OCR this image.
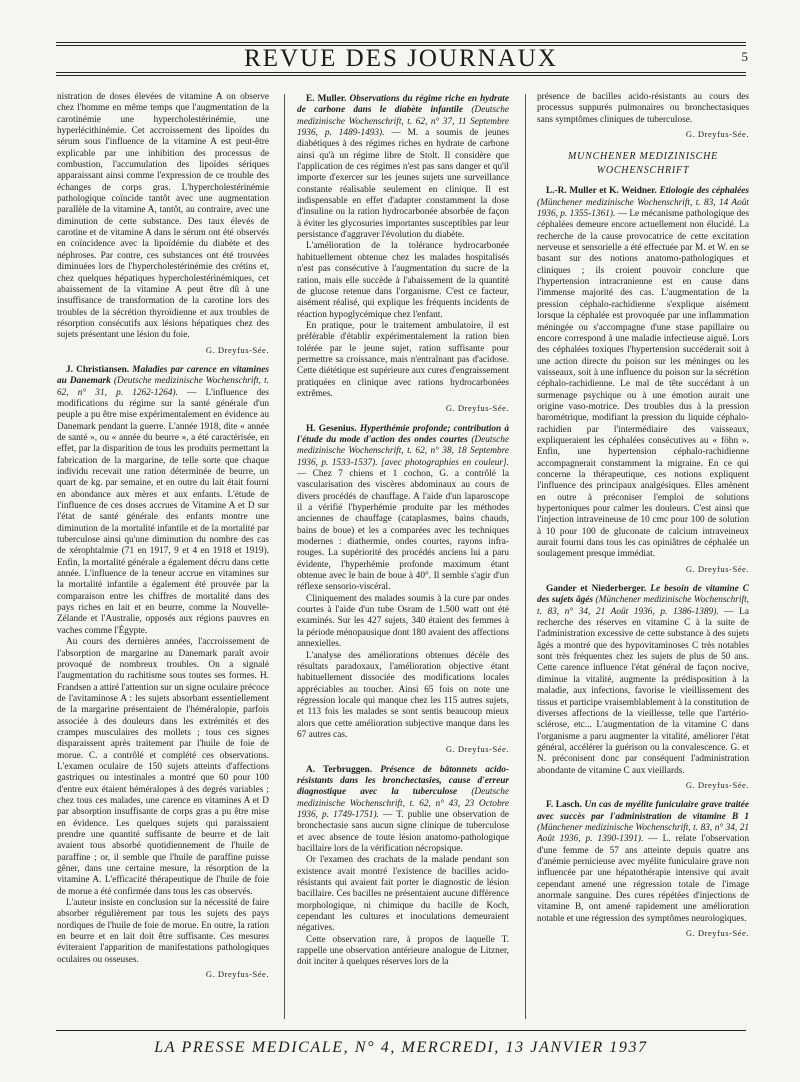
REVUE DES JOURNAUX	5

nistration de doses élevées de vitamine A on observe chez l'homme en même temps que l'augmentation de la carotinémie une hypercholestérinémie, une hyperlécithinémie. Cet accroissement des lipoïdes du sérum sous l'influence de la vitamine A est peut-être explicable par une inhibition des processus de combustion, l'accumulation des lipoïdes sériques apparaissant ainsi comme l'expression de ce trouble des échanges de corps gras. L'hypercholestérinémie pathologique coïncide tantôt avec une augmentation parallèle de la vitamine A, tantôt, au contraire, avec une diminution de cette substance. Des taux élevés de carotine et de vitamine A dans le sérum ont été observés en coïncidence avec la lipoïdémie du diabète et des néphroses. Par contre, ces substances ont été trouvées diminuées lors de l'hypercholestérinémie des crétins et, chez quelques hépatiques hypercholestérinémiques, cet abaissement de la vitamine A peut être dû à une insuffisance de transformation de la carotine lors des troubles de la sécrétion thyroïdienne et aux troubles de résorption consécutifs aux lésions hépatiques chez des sujets présentant une lésion du foie.

G. Dreyfus-Sée.

J. Christiansen. Maladies par carence en vitamines au Danemark (Deutsche medizinische Wochenschrift, t. 62, n° 31, p. 1262-1264). — L'influence des modifications du régime sur la santé générale d'un peuple a pu être mise expérimentalement en évidence au Danemark pendant la guerre. L'année 1918, dite « année de santé », ou « année du beurre », a été caractérisée, en effet, par la disparition de tous les produits permettant la fabrication de la margarine, de telle sorte que chaque individu recevait une ration déterminée de beurre, un quart de kg. par semaine, et en outre du lait était fourni en abondance aux mères et aux enfants. L'étude de l'influence de ces doses accrues de Vitamine A et D sur l'état de santé générale des enfants montre une diminution de la mortalité infantile et de la mortalité par tuberculose ainsi qu'une diminution du nombre des cas de xérophtalmie (71 en 1917, 9 et 4 en 1918 et 1919). Enfin, la mortalité générale a également décru dans cette année. L'influence de la teneur accrue en vitamines sur la mortalité infantile a également été prouvée par la comparaison entre les chiffres de mortalité dans des pays riches en lait et en beurre, comme la Nouvelle-Zélande et l'Australie, opposés aux régions pauvres en vaches comme l'Égypte.

Au cours des dernières années, l'accroissement de l'absorption de margarine au Danemark paraît avoir provoqué de nombreux troubles. On a signalé l'augmentation du rachitisme sous toutes ses formes. H. Frandsen a attiré l'attention sur un signe oculaire précoce de l'avitaminose A : les sujets absorbant essentiellement de la margarine présentaient de l'héméralopie, parfois associée à des douleurs dans les extrémités et des crampes musculaires des mollets ; tous ces signes disparaissent après traitement par l'huile de foie de morue. C. a contrôlé et complété ces observations. L'examen oculaire de 150 sujets atteints d'affections gastriques ou intestinales a montré que 60 pour 100 d'entre eux étaient héméralopes à des degrés variables ; chez tous ces malades, une carence en vitamines A et D par absorption insuffisante de corps gras a pu être mise en évidence. Les quelques sujets qui paraissaient prendre une quantité suffisante de beurre et de lait avaient tous absorbé quotidiennement de l'huile de paraffine ; or, il semble que l'huile de paraffine puisse gêner, dans une certaine mesure, la résorption de la vitamine A. L'efficacité thérapeutique de l'huile de foie de morue a été confirmée dans tous les cas observés.

L'auteur insiste en conclusion sur la nécessité de faire absorber régulièrement par tous les sujets des pays nordiques de l'huile de foie de morue. En outre, la ration en beurre et en lait doit être suffisante. Ces mesures éviteraient l'apparition de manifestations pathologiques oculaires ou osseuses.

G. Dreyfus-Sée.

E. Muller. Observations du régime riche en hydrate de carbone dans le diabète infantile (Deutsche medizinische Wochenschrift, t. 62, n° 37, 11 Septembre 1936, p. 1489-1493). — M. a soumis de jeunes diabétiques à des régimes riches en hydrate de carbone ainsi qu'à un régime libre de Stolt. Il considère que l'application de ces régimes n'est pas sans danger et qu'il importe d'exercer sur les jeunes sujets une surveillance constante réalisable seulement en clinique. Il est indispensable en effet d'adapter constamment la dose d'insuline ou la ration hydrocarbonée absorbée de façon à éviter les glycosuries importantes susceptibles par leur persistance d'aggraver l'évolution du diabète.

L'amélioration de la tolérance hydrocarbonée habituellement obtenue chez les malades hospitalisés n'est pas consécutive à l'augmentation du sucre de la ration, mais elle succède à l'abaissement de la quantité de glucose retenue dans l'organisme. C'est ce facteur, aisément réalisé, qui explique les fréquents incidents de réaction hypoglycémique chez l'enfant.

En pratique, pour le traitement ambulatoire, il est préférable d'établir expérimentalement la ration bien tolérée par le jeune sujet, ration suffisante pour permettre sa croissance, mais n'entraînant pas d'acidose. Cette diététique est supérieure aux cures d'engraissement pratiquées en clinique avec rations hydrocarbonées extrêmes.

G. Dreyfus-Sée.

H. Gesenius. Hyperthémie profonde; contribution à l'étude du mode d'action des ondes courtes (Deutsche medizinische Wochenschrift, t. 62, n° 38, 18 Septembre 1936, p. 1533-1537). [avec photographies en couleur]. — Chez 7 chiens et 1 cochon, G. a contrôlé la vascularisation des viscères abdominaux au cours de divers procédés de chauffage. A l'aide d'un laparoscope il a vérifié l'hyperhémie produite par les méthodes anciennes de chauffage (cataplasmes, bains chauds, bains de boue) et les a comparées avec les techniques modernes : diathermie, ondes courtes, rayons infra-rouges. La supériorité des procédés anciens lui a paru évidente, l'hyperhémie profonde maximum étant obtenue avec le bain de boue à 40°. Il semble s'agir d'un réflexe sensorio-viscéral.

Cliniquement des malades soumis à la cure par ondes courtes à l'aide d'un tube Osram de 1.500 watt ont été examinés. Sur les 427 sujets, 340 étaient des femmes à la période ménopausique dont 180 avaient des affections annexielles.

L'analyse des améliorations obtenues décèle des résultats paradoxaux, l'amélioration objective étant habituellement dissociée des modifications locales appréciables au toucher. Ainsi 65 fois on note une régression locale qui manque chez les 115 autres sujets, et 113 fois les malades se sont sentis beaucoup mieux alors que cette amélioration subjective manque dans les 67 autres cas.

G. Dreyfus-Sée.

A. Terbruggen. Présence de bâtonnets acido-résistants dans les bronchectasies, cause d'erreur diagnostique avec la tuberculose (Deutsche medizinische Wochenschrift, t. 62, n° 43, 23 Octobre 1936, p. 1749-1751). — T. publie une observation de bronchectasie sans aucun signe clinique de tuberculose et avec absence de toute lésion anatomo-pathologique bacillaire lors de la vérification nécropsique.

Or l'examen des crachats de la malade pendant son existence avait montré l'existence de bacilles acido-résistants qui avaient fait porter le diagnostic de lésion bacillaire. Ces bacilles ne présentaient aucune différence morphologique, ni chimique du bacille de Koch, cependant les cultures et inoculations demeuraient négatives.

Cette observation rare, à propos de laquelle T. rappelle une observation antérieure analogue de Litzner, doit inciter à quelques réserves lors de la

présence de bacilles acido-résistants au cours des processus suppurés pulmonaires ou bronchectasiques sans symptômes cliniques de tuberculose.

G. Dreyfus-Sée.
MUNCHENER MEDIZINISCHE WOCHENSCHRIFT

L.-R. Muller et K. Weidner. Etiologie des céphalées (Münchener medizinische Wochenschrift, t. 83, 14 Août 1936, p. 1355-1361). — Le mécanisme pathologique des céphalées demeure encore actuellement non élucidé. La recherche de la cause provocatrice de cette excitation nerveuse et sensorielle a été effectuée par M. et W. en se basant sur des notions anatomo-pathologiques et cliniques ; ils croient pouvoir conclure que l'hypertension intracranienne est en cause dans l'immense majorité des cas. L'augmentation de la pression céphalo-rachidienne s'explique aisément lorsque la céphalée est provoquée par une inflammation méningée ou s'accompagne d'une stase papillaire ou encore correspond à une maladie infectieuse aiguë. Lors des céphalées toxiques l'hypertension succéderait soit à une action directe du poison sur les méninges ou les vaisseaux, soit à une influence du poison sur la sécrétion céphalo-rachidienne. Le mal de tête succédant à un surmenage psychique ou à une émotion aurait une origine vaso-motrice. Des troubles dus à la pression barométrique, modifiant la pression du liquide céphalo-rachidien par l'intermédiaire des vaisseaux, expliqueraient les céphalées consécutives au « föhn ». Enfin, une hypertension céphalo-rachidienne accompagnerait constamment la migraine. En ce qui concerne la thérapeutique, ces notions expliquent l'influence des principaux analgésiques. Elles amènent en outre à préconiser l'emploi de solutions hypertoniques pour calmer les douleurs. C'est ainsi que l'injection intraveineuse de 10 cmc pour 100 de solution à 10 pour 100 de gluconate de calcium intraveineux aurait fourni dans tous les cas opiniâtres de céphalée un soulagement presque immédiat.

G. Dreyfus-Sée.

Gander et Niederberger. Le besoin de vitamine C des sujets âgés (Münchener medizinische Wochenschrift, t. 83, n° 34, 21 Août 1936, p. 1386-1389). — La recherche des réserves en vitamine C à la suite de l'administration excessive de cette substance à des sujets âgés a montré que des hypovitaminoses C très notables sont très fréquentes chez les sujets de plus de 50 ans. Cette carence influence l'état général de façon nocive, diminue la vitalité, augmente la prédisposition à la maladie, aux infections, favorise le vieillissement des tissus et participe vraisemblablement à la constitution de diverses affections de la vieillesse, telle que l'artério-sclérose, etc... L'augmentation de la vitamine C dans l'organisme a paru augmenter la vitalité, améliorer l'état général, accélérer la guérison ou la convalescence. G. et N. préconisent donc par conséquent l'administration abondante de vitamine C aux vieillards.

G. Dreyfus-Sée.

F. Lasch. Un cas de myélite funiculaire grave traitée avec succès par l'administration de vitamine B 1 (Münchener medizinische Wochenschrift, t. 83, n° 34, 21 Août 1936, p. 1390-1391). — L. relate l'observation d'une femme de 57 ans atteinte depuis quatre ans d'anémie pernicieuse avec myélite funiculaire grave non influencée par une hépatothérapie intensive qui avait cependant amené une régression totale de l'image anormale sanguine. Des cures répétées d'injections de vitamine B, ont amené rapidement une amélioration notable et une régression des symptômes neurologiques.

G. Dreyfus-Sée.
LA PRESSE MEDICALE, N° 4, MERCREDI, 13 JANVIER 1937
